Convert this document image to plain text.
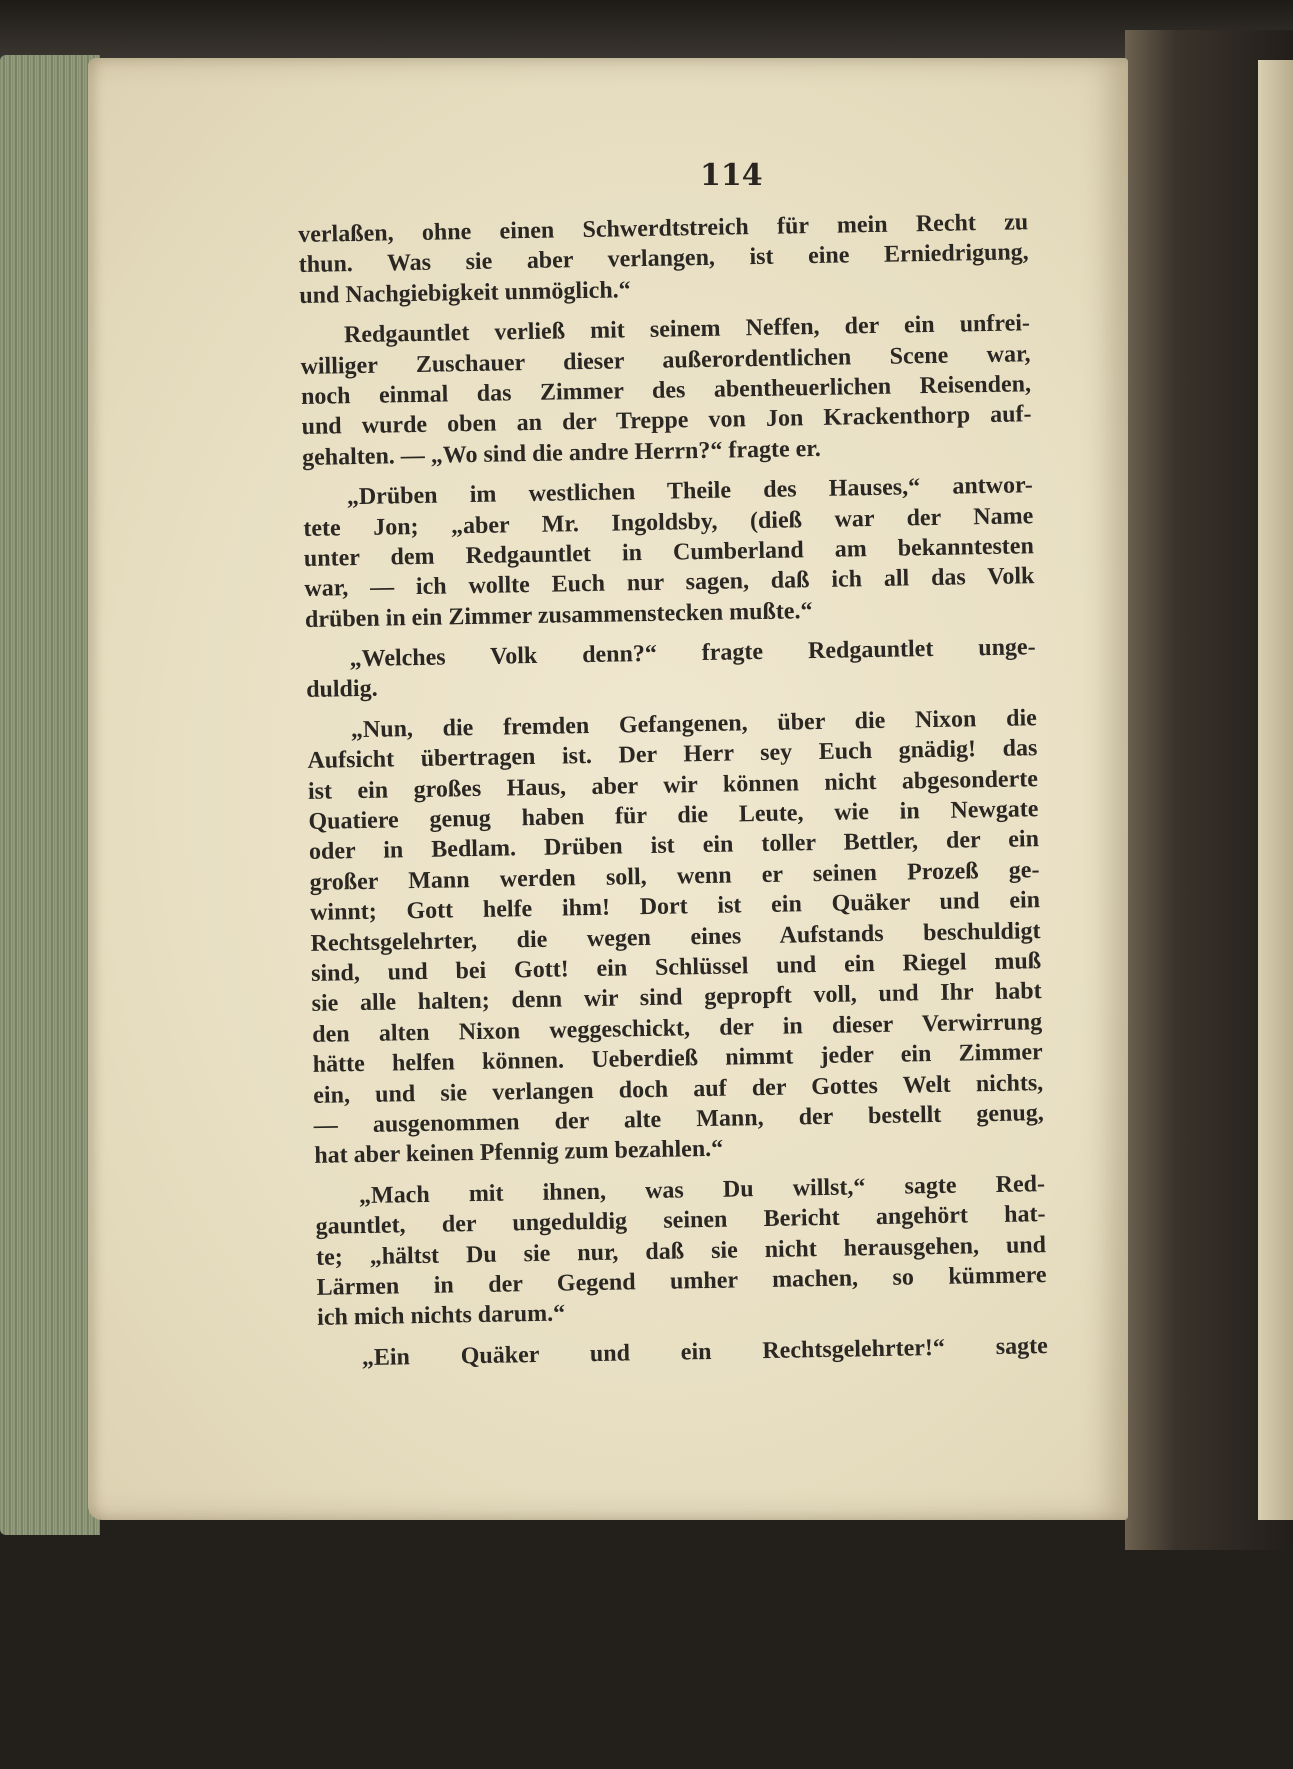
114
verlaßen, ohne einen Schwerdtstreich für mein Recht zu
thun. Was sie aber verlangen, ist eine Erniedrigung,
und Nachgiebigkeit unmöglich.“
Redgauntlet verließ mit seinem Neffen, der ein unfrei-
williger Zuschauer dieser außerordentlichen Scene war,
noch einmal das Zimmer des abentheuerlichen Reisenden,
und wurde oben an der Treppe von Jon Krackenthorp auf-
gehalten. — „Wo sind die andre Herrn?“ fragte er.
„Drüben im westlichen Theile des Hauses,“ antwor-
tete Jon; „aber Mr. Ingoldsby, (dieß war der Name
unter dem Redgauntlet in Cumberland am bekanntesten
war, — ich wollte Euch nur sagen, daß ich all das Volk
drüben in ein Zimmer zusammenstecken mußte.“
„Welches Volk denn?“ fragte Redgauntlet unge-
duldig.
„Nun, die fremden Gefangenen, über die Nixon die
Aufsicht übertragen ist. Der Herr sey Euch gnädig! das
ist ein großes Haus, aber wir können nicht abgesonderte
Quatiere genug haben für die Leute, wie in Newgate
oder in Bedlam. Drüben ist ein toller Bettler, der ein
großer Mann werden soll, wenn er seinen Prozeß ge-
winnt; Gott helfe ihm! Dort ist ein Quäker und ein
Rechtsgelehrter, die wegen eines Aufstands beschuldigt
sind, und bei Gott! ein Schlüssel und ein Riegel muß
sie alle halten; denn wir sind gepropft voll, und Ihr habt
den alten Nixon weggeschickt, der in dieser Verwirrung
hätte helfen können. Ueberdieß nimmt jeder ein Zimmer
ein, und sie verlangen doch auf der Gottes Welt nichts,
— ausgenommen der alte Mann, der bestellt genug,
hat aber keinen Pfennig zum bezahlen.“
„Mach mit ihnen, was Du willst,“ sagte Red-
gauntlet, der ungeduldig seinen Bericht angehört hat-
te; „hältst Du sie nur, daß sie nicht herausgehen, und
Lärmen in der Gegend umher machen, so kümmere
ich mich nichts darum.“
„Ein Quäker und ein Rechtsgelehrter!“ sagte
